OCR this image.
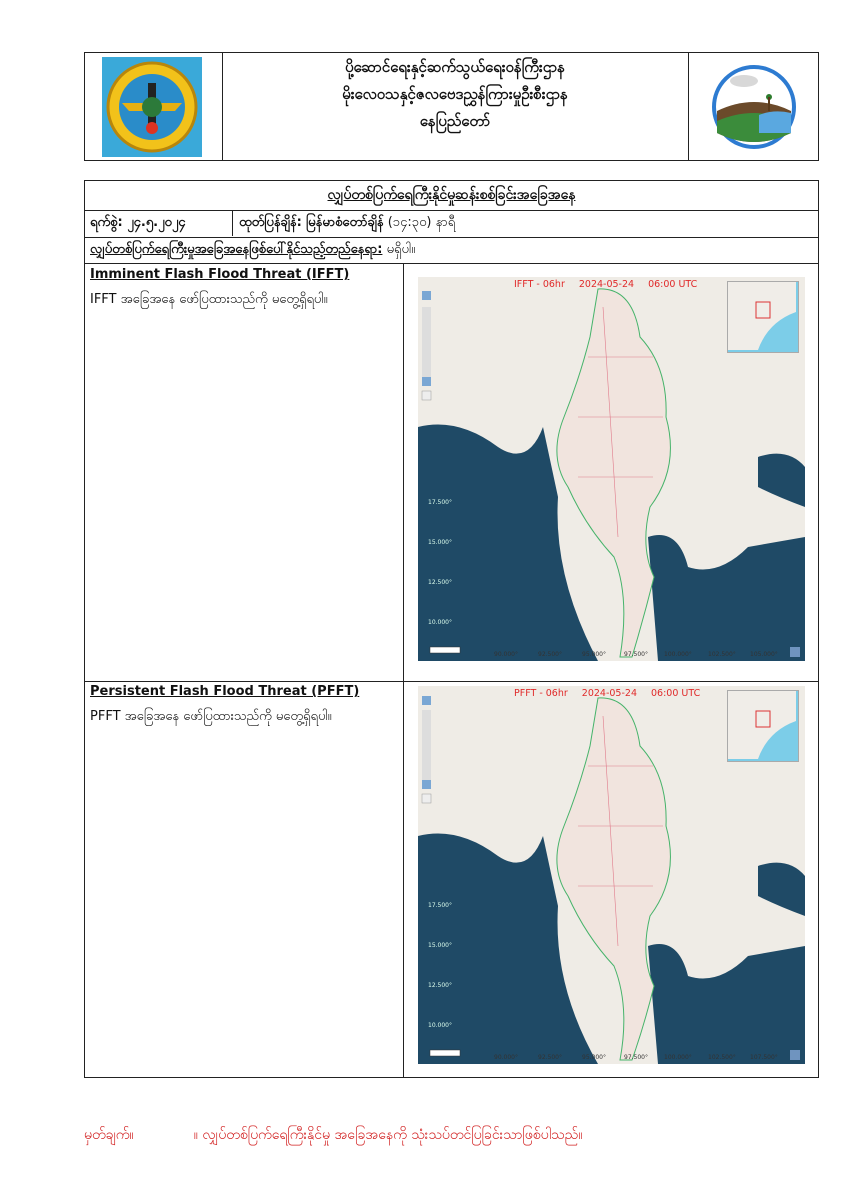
ပို့ဆောင်ရေးနှင့်ဆက်သွယ်ရေးဝန်ကြီးဌာန
မိုးလေဝသနှင့်ဇလဗေဒညွှန်ကြားမှုဦးစီးဌာန
နေပြည်တော်
လျှပ်တစ်ပြက်ရေကြီးနိုင်မှုဆန်းစစ်ခြင်းအခြေအနေ
ရက်စွဲ: ၂၄.၅.၂၀၂၄	ထုတ်ပြန်ချိန်: မြန်မာစံတော်ချိန် (၁၄:၃၀) နာရီ
လျှပ်တစ်ပြက်ရေကြီးမှုအခြေအနေဖြစ်ပေါ်နိုင်သည့်တည်နေရာ: မရှိပါ။
Imminent Flash Flood Threat (IFFT)
IFFT အခြေအနေ ဖော်ပြထားသည်ကို မတွေ့ရှိရပါ။
IFFT - 06hr 2024-05-24 06:00 UTC
17.500°
15.000°
12.500°
10.000°
90.000°	92.500°	95.000°	97.500°	100.000°	102.500° 105.000°
Persistent Flash Flood Threat (PFFT)
PFFT အခြေအနေ ဖော်ပြထားသည်ကို မတွေ့ရှိရပါ။
PFFT - 06hr 2024-05-24 06:00 UTC
17.500°
15.000°
12.500°
10.000°
90.000°	92.500°	95.000°	97.500°	100.000°	102.500° 107.500°
မှတ်ချက်။	။ လျှပ်တစ်ပြက်ရေကြီးနိုင်မှု အခြေအနေကို သုံးသပ်တင်ပြခြင်းသာဖြစ်ပါသည်။
